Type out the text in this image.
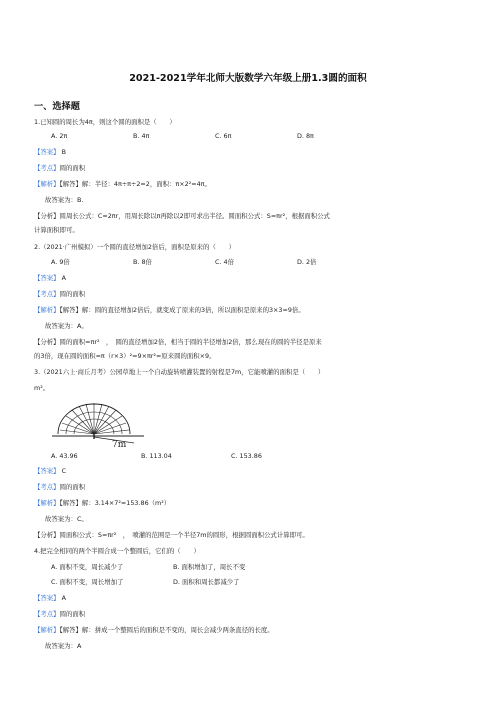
2021-2021学年北师大版数学六年级上册1.3圆的面积
一、选择题
1.已知圆的周长为4π，则这个圆的面积是（　　）
A. 2π	B. 4π	C. 6π	D. 8π
【答案】 B
【考点】圆的面积
【解析】【解答】解：半径：4π÷π÷2=2，面积：π×2²=4π。
故答案为：B.
【分析】圆周长公式：C=2πr，用周长除以π再除以2即可求出半径。圆面积公式：S=πr²，根据面积公式
计算面积即可。
2.（2021·广州模拟）一个圆的直径增加2倍后，面积是原来的（　　）
A. 9倍	B. 8倍	C. 4倍	D. 2倍
【答案】 A
【考点】圆的面积
【解析】【解答】解：圆的直径增加2倍后，就变成了原来的3倍，所以面积是原来的3×3=9倍。
故答案为：A。
【分析】圆的面积=πr²　，　圆的直径增加2倍，相当于圆的半径增加2倍，那么现在的圆的半径是原来
的3倍，现在圆的面积=π（r×3）²=9×πr²=原来圆的面积×9。
3.（2021六上·商丘月考）公园草地上一个自动旋转喷灌装置的射程是7m，它能喷灌的面积是（　　）
m²。
7m
A. 43.96	B. 113.04	C. 153.86
【答案】 C
【考点】圆的面积
【解析】【解答】解：3.14×7²=153.86（m²）
故答案为：C。
【分析】圆面积公式：S=πr²　，　喷灌的范围是一个半径7m的圆形，根据圆面积公式计算即可。
4.把完全相同的两个半圆合成一个整圆后，它们的（　　）
A. 面积不变，周长减少了	B. 面积增加了，周长不变
C. 面积不变，周长增加了	D. 面积和周长都减少了
【答案】 A
【考点】圆的面积
【解析】【解答】解：拼成一个整圆后的面积是不变的，周长会减少两条直径的长度。
故答案为：A
